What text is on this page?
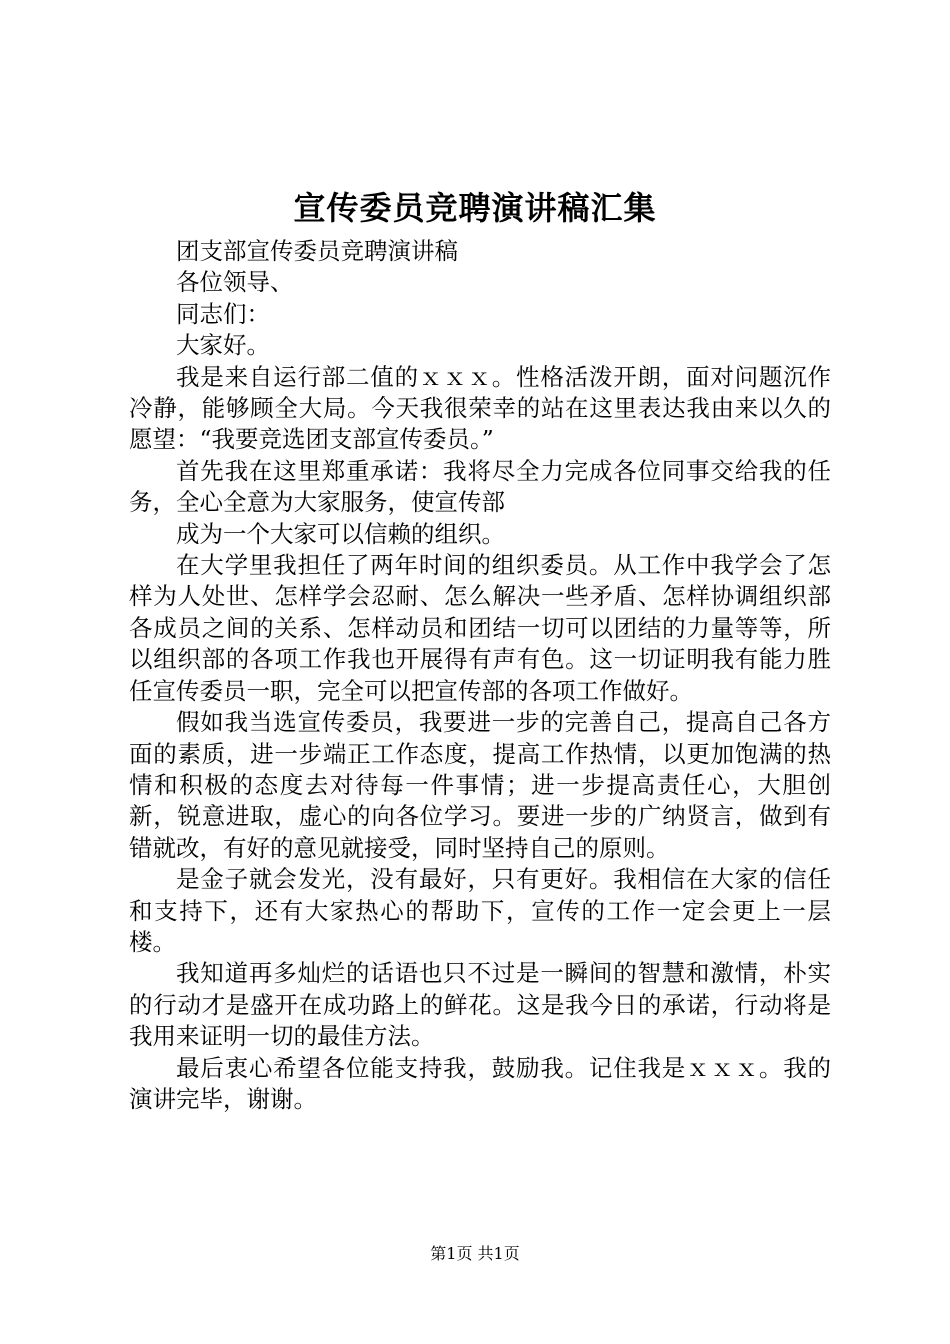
宣传委员竞聘演讲稿汇集

团支部宣传委员竞聘演讲稿

各位领导、

同志们：

大家好。

我是来自运行部二值的ｘｘｘ。性格活泼开朗，面对问题沉作冷静，能够顾全大局。今天我很荣幸的站在这里表达我由来以久的愿望：“我要竞选团支部宣传委员。”

首先我在这里郑重承诺：我将尽全力完成各位同事交给我的任务，全心全意为大家服务，使宣传部

成为一个大家可以信赖的组织。

在大学里我担任了两年时间的组织委员。从工作中我学会了怎样为人处世、怎样学会忍耐、怎么解决一些矛盾、怎样协调组织部各成员之间的关系、怎样动员和团结一切可以团结的力量等等，所以组织部的各项工作我也开展得有声有色。这一切证明我有能力胜任宣传委员一职，完全可以把宣传部的各项工作做好。

假如我当选宣传委员，我要进一步的完善自己，提高自己各方面的素质，进一步端正工作态度，提高工作热情，以更加饱满的热情和积极的态度去对待每一件事情；进一步提高责任心，大胆创新，锐意进取，虚心的向各位学习。要进一步的广纳贤言，做到有错就改，有好的意见就接受，同时坚持自己的原则。

是金子就会发光，没有最好，只有更好。我相信在大家的信任和支持下，还有大家热心的帮助下，宣传的工作一定会更上一层楼。

我知道再多灿烂的话语也只不过是一瞬间的智慧和激情，朴实的行动才是盛开在成功路上的鲜花。这是我今日的承诺，行动将是我用来证明一切的最佳方法。

最后衷心希望各位能支持我，鼓励我。记住我是ｘｘｘ。我的演讲完毕，谢谢。

第1页 共1页
